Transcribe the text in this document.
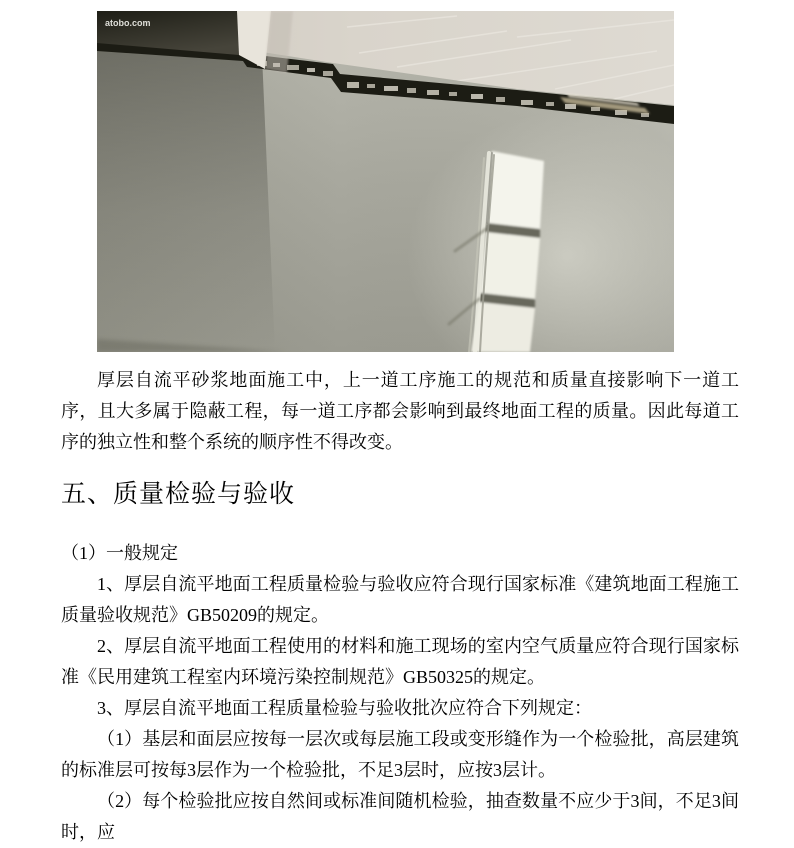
atobo.com

厚层自流平砂浆地面施工中，上一道工序施工的规范和质量直接影响下一道工序，且大多属于隐蔽工程，每一道工序都会影响到最终地面工程的质量。因此每道工序的独立性和整个系统的顺序性不得改变。

五、质量检验与验收

（1）一般规定

1、厚层自流平地面工程质量检验与验收应符合现行国家标准《建筑地面工程施工质量验收规范》GB50209的规定。

2、厚层自流平地面工程使用的材料和施工现场的室内空气质量应符合现行国家标准《民用建筑工程室内环境污染控制规范》GB50325的规定。

3、厚层自流平地面工程质量检验与验收批次应符合下列规定：

（1）基层和面层应按每一层次或每层施工段或变形缝作为一个检验批，高层建筑的标准层可按每3层作为一个检验批，不足3层时，应按3层计。

（2）每个检验批应按自然间或标准间随机检验，抽查数量不应少于3间，不足3间时，应
